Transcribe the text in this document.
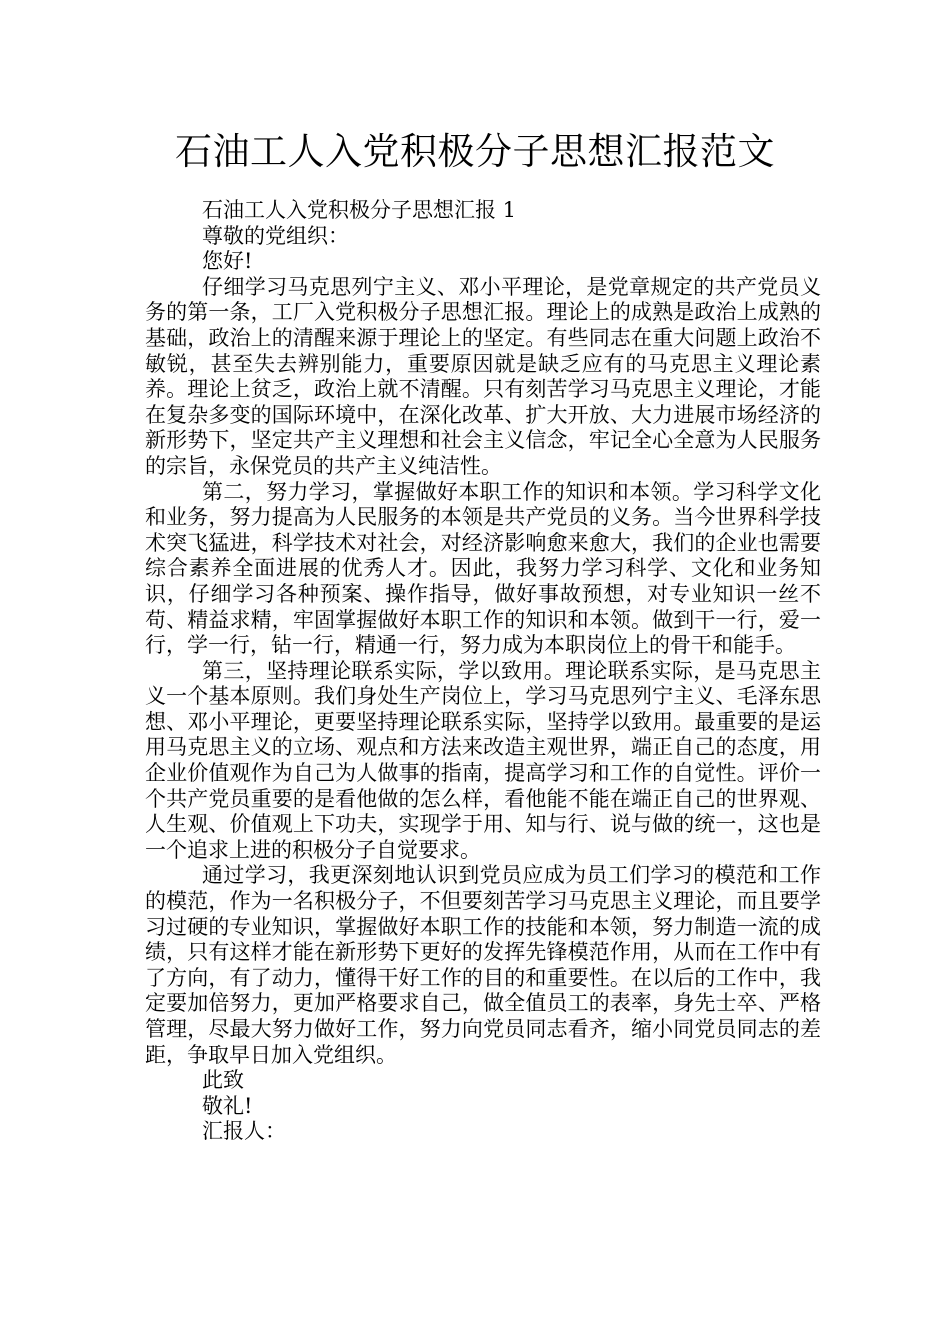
石油工人入党积极分子思想汇报范文

石油工人入党积极分子思想汇报 1

尊敬的党组织：

您好!

仔细学习马克思列宁主义、邓小平理论，是党章规定的共产党员义务的第一条，工厂入党积极分子思想汇报。理论上的成熟是政治上成熟的基础，政治上的清醒来源于理论上的坚定。有些同志在重大问题上政治不敏锐，甚至失去辨别能力，重要原因就是缺乏应有的马克思主义理论素养。理论上贫乏，政治上就不清醒。只有刻苦学习马克思主义理论，才能在复杂多变的国际环境中，在深化改革、扩大开放、大力进展市场经济的新形势下，坚定共产主义理想和社会主义信念，牢记全心全意为人民服务的宗旨，永保党员的共产主义纯洁性。

第二，努力学习，掌握做好本职工作的知识和本领。学习科学文化和业务，努力提高为人民服务的本领是共产党员的义务。当今世界科学技术突飞猛进，科学技术对社会，对经济影响愈来愈大，我们的企业也需要综合素养全面进展的优秀人才。因此，我努力学习科学、文化和业务知识，仔细学习各种预案、操作指导，做好事故预想，对专业知识一丝不苟、精益求精，牢固掌握做好本职工作的知识和本领。做到干一行，爱一行，学一行，钻一行，精通一行，努力成为本职岗位上的骨干和能手。

第三，坚持理论联系实际，学以致用。理论联系实际，是马克思主义一个基本原则。我们身处生产岗位上，学习马克思列宁主义、毛泽东思想、邓小平理论，更要坚持理论联系实际，坚持学以致用。最重要的是运用马克思主义的立场、观点和方法来改造主观世界，端正自己的态度，用企业价值观作为自己为人做事的指南，提高学习和工作的自觉性。评价一个共产党员重要的是看他做的怎么样，看他能不能在端正自己的世界观、人生观、价值观上下功夫，实现学于用、知与行、说与做的统一，这也是一个追求上进的积极分子自觉要求。

通过学习，我更深刻地认识到党员应成为员工们学习的模范和工作的模范，作为一名积极分子，不但要刻苦学习马克思主义理论，而且要学习过硬的专业知识，掌握做好本职工作的技能和本领，努力制造一流的成绩，只有这样才能在新形势下更好的发挥先锋模范作用，从而在工作中有了方向，有了动力，懂得干好工作的目的和重要性。在以后的工作中，我定要加倍努力，更加严格要求自己，做全值员工的表率，身先士卒、严格管理，尽最大努力做好工作，努力向党员同志看齐，缩小同党员同志的差距，争取早日加入党组织。

此致

敬礼!

汇报人：
